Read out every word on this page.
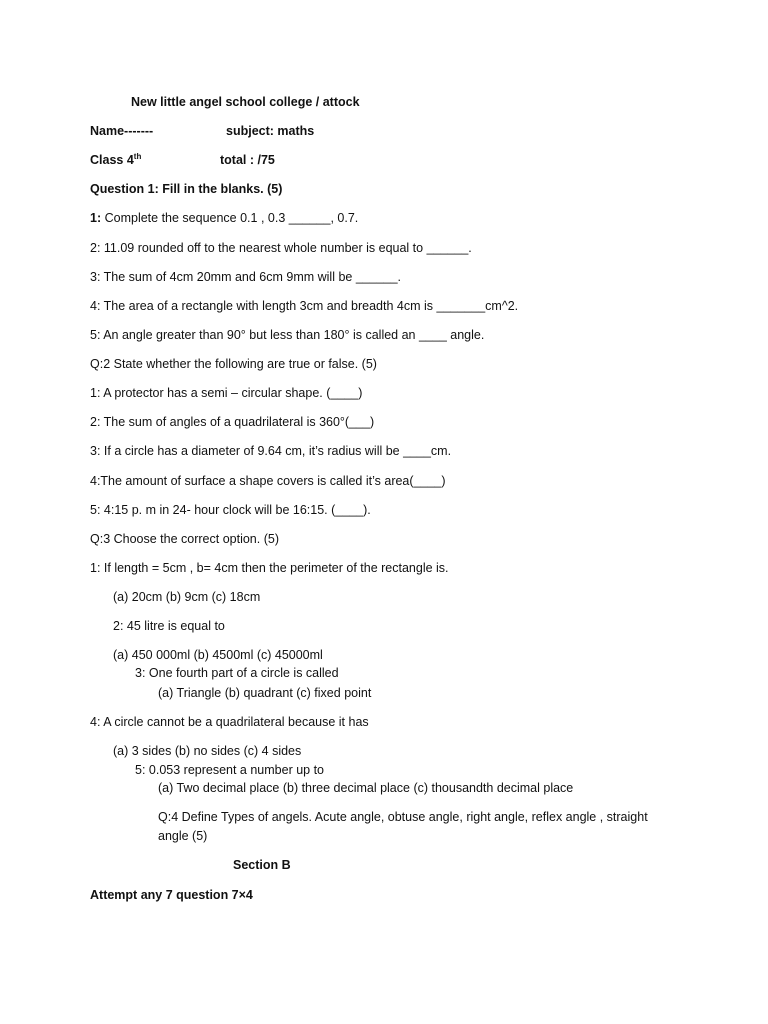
New little angel school college / attock
Name-------	subject: maths
Class 4th	total : /75
Question 1: Fill in the blanks. (5)
1: Complete the sequence 0.1 , 0.3 ______, 0.7.
2: 11.09 rounded off to the nearest whole number is equal to ______.
3: The sum of 4cm 20mm and 6cm 9mm will be ______.
4: The area of a rectangle with length 3cm and breadth 4cm is _______cm^2.
5: An angle greater than 90° but less than 180° is called an ____ angle.
Q:2 State whether the following are true or false. (5)
1: A protector has a semi – circular shape. (____)
2: The sum of angles of a quadrilateral is 360°(___)
3: If a circle has a diameter of 9.64 cm, it’s radius will be ____cm.
4:The amount of surface a shape covers is called it’s area(____)
5: 4:15 p. m in 24- hour clock will be 16:15. (____).
Q:3 Choose the correct option. (5)
1: If length = 5cm , b= 4cm then the perimeter of the rectangle is.
(a) 20cm (b) 9cm (c) 18cm
2: 45 litre is equal to
(a) 450 000ml (b) 4500ml (c) 45000ml
3: One fourth part of a circle is called
(a) Triangle (b) quadrant (c) fixed point
4: A circle cannot be a quadrilateral because it has
(a) 3 sides (b) no sides (c) 4 sides
5: 0.053 represent a number up to
(a) Two decimal place (b) three decimal place (c) thousandth decimal place
Q:4 Define Types of angels. Acute angle, obtuse angle, right angle, reflex angle , straight
angle (5)
Section B
Attempt any 7 question 7×4
